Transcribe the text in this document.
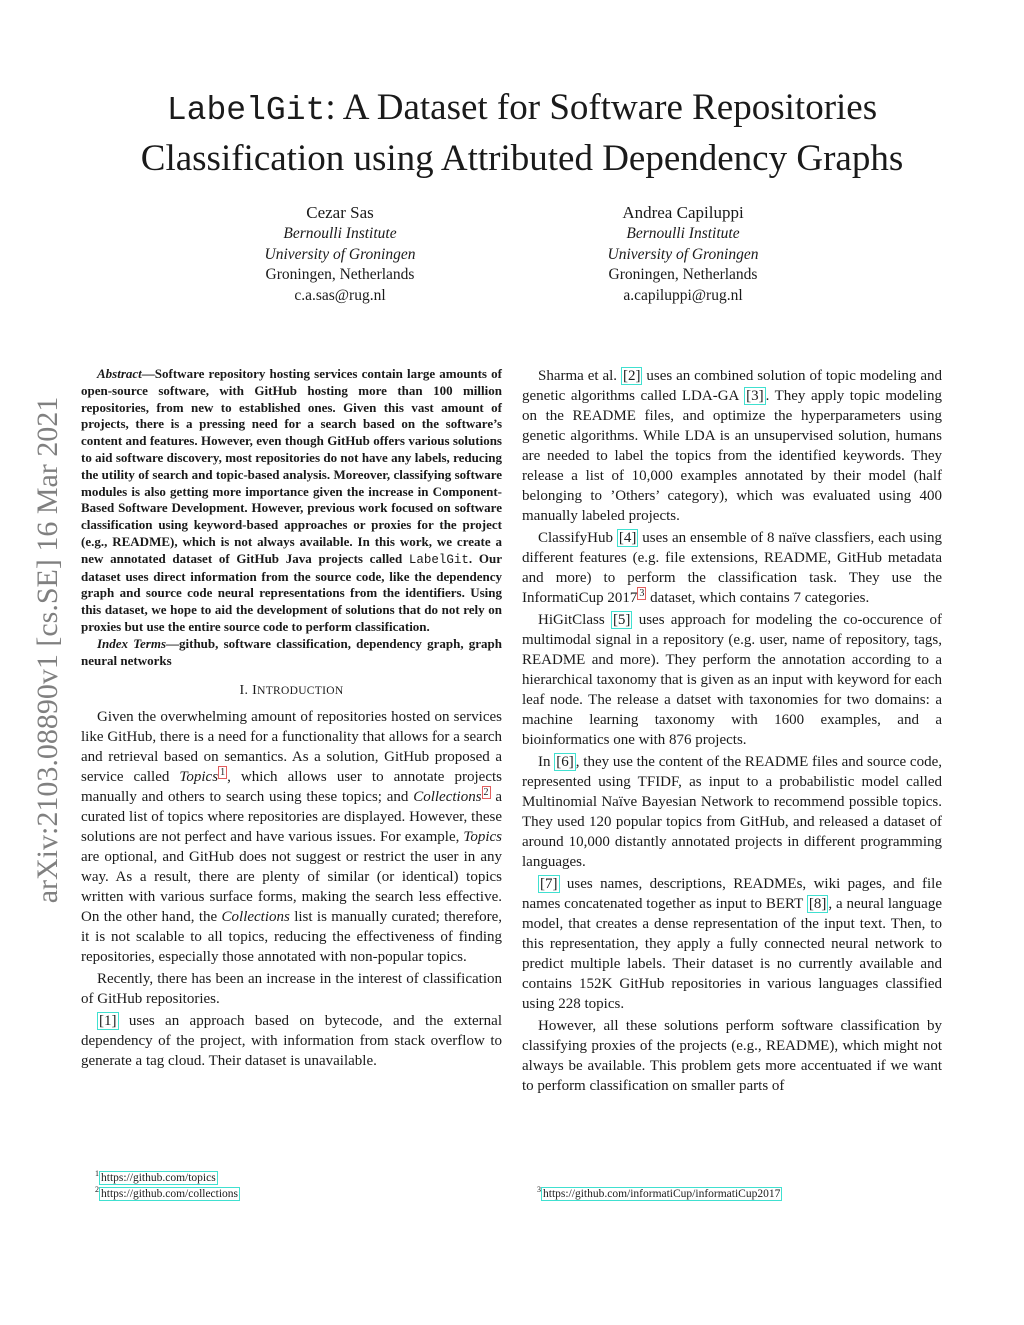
arXiv:2103.08890v1 [cs.SE] 16 Mar 2021
LabelGit: A Dataset for Software Repositories
Classification using Attributed Dependency Graphs
Cezar Sas
Bernoulli Institute
University of Groningen
Groningen, Netherlands
c.a.sas@rug.nl
Andrea Capiluppi
Bernoulli Institute
University of Groningen
Groningen, Netherlands
a.capiluppi@rug.nl

Abstract—Software repository hosting services contain large amounts of open-source software, with GitHub hosting more than 100 million repositories, from new to established ones. Given this vast amount of projects, there is a pressing need for a search based on the software’s content and features. However, even though GitHub offers various solutions to aid software discovery, most repositories do not have any labels, reducing the utility of search and topic-based analysis. Moreover, classifying software modules is also getting more importance given the increase in Component-Based Software Development. However, previous work focused on software classification using keyword-based approaches or proxies for the project (e.g., README), which is not always available. In this work, we create a new annotated dataset of GitHub Java projects called LabelGit. Our dataset uses direct information from the source code, like the dependency graph and source code neural representations from the identifiers. Using this dataset, we hope to aid the development of solutions that do not rely on proxies but use the entire source code to perform classification.

Index Terms—github, software classification, dependency graph, graph neural networks

I. INTRODUCTION

Given the overwhelming amount of repositories hosted on services like GitHub, there is a need for a functionality that allows for a search and retrieval based on semantics. As a solution, GitHub proposed a service called Topics $^1$ , which allows user to annotate projects manually and others to search using these topics; and Collections $^2$ a curated list of topics where repositories are displayed. However, these solutions are not perfect and have various issues. For example, Topics are optional, and GitHub does not suggest or restrict the user in any way. As a result, there are plenty of similar (or identical) topics written with various surface forms, making the search less effective. On the other hand, the Collections list is manually curated; therefore, it is not scalable to all topics, reducing the effectiveness of finding repositories, especially those annotated with non-popular topics.

Recently, there has been an increase in the interest of classification of GitHub repositories.

[1] uses an approach based on bytecode, and the external dependency of the project, with information from stack overflow to generate a tag cloud. Their dataset is unavailable.

Sharma et al. [2] uses an combined solution of topic modeling and genetic algorithms called LDA-GA [3] . They apply topic modeling on the README files, and optimize the hyperparameters using genetic algorithms. While LDA is an unsupervised solution, humans are needed to label the topics from the identified keywords. They release a list of 10,000 examples annotated by their model (half belonging to ’Others’ category), which was evaluated using 400 manually labeled projects.

ClassifyHub [4] uses an ensemble of 8 naïve classfiers, each using different features (e.g. file extensions, README, GitHub metadata and more) to perform the classification task. They use the InformatiCup 2017 $^3$ dataset, which contains 7 categories.

HiGitClass [5] uses approach for modeling the co-occurence of multimodal signal in a repository (e.g. user, name of repository, tags, README and more). They perform the annotation according to a hierarchical taxonomy that is given as an input with keyword for each leaf node. The release a datset with taxonomies for two domains: a machine learning taxonomy with 1600 examples, and a bioinformatics one with 876 projects.

In [6] , they use the content of the README files and source code, represented using TFIDF, as input to a probabilistic model called Multinomial Naïve Bayesian Network to recommend possible topics. They used 120 popular topics from GitHub, and released a dataset of around 10,000 distantly annotated projects in different programming languages.

[7] uses names, descriptions, READMEs, wiki pages, and file names concatenated together as input to BERT [8] , a neural language model, that creates a dense representation of the input text. Then, to this representation, they apply a fully connected neural network to predict multiple labels. Their dataset is no currently available and contains 152K GitHub repositories in various languages classified using 228 topics.

However, all these solutions perform software classification by classifying proxies of the projects (e.g., README), which might not always be available. This problem gets more accentuated if we want to perform classification on smaller parts of

$^1$ https://github.com/topics
$^2$ https://github.com/collections	$^3$ https://github.com/informatiCup/informatiCup2017
